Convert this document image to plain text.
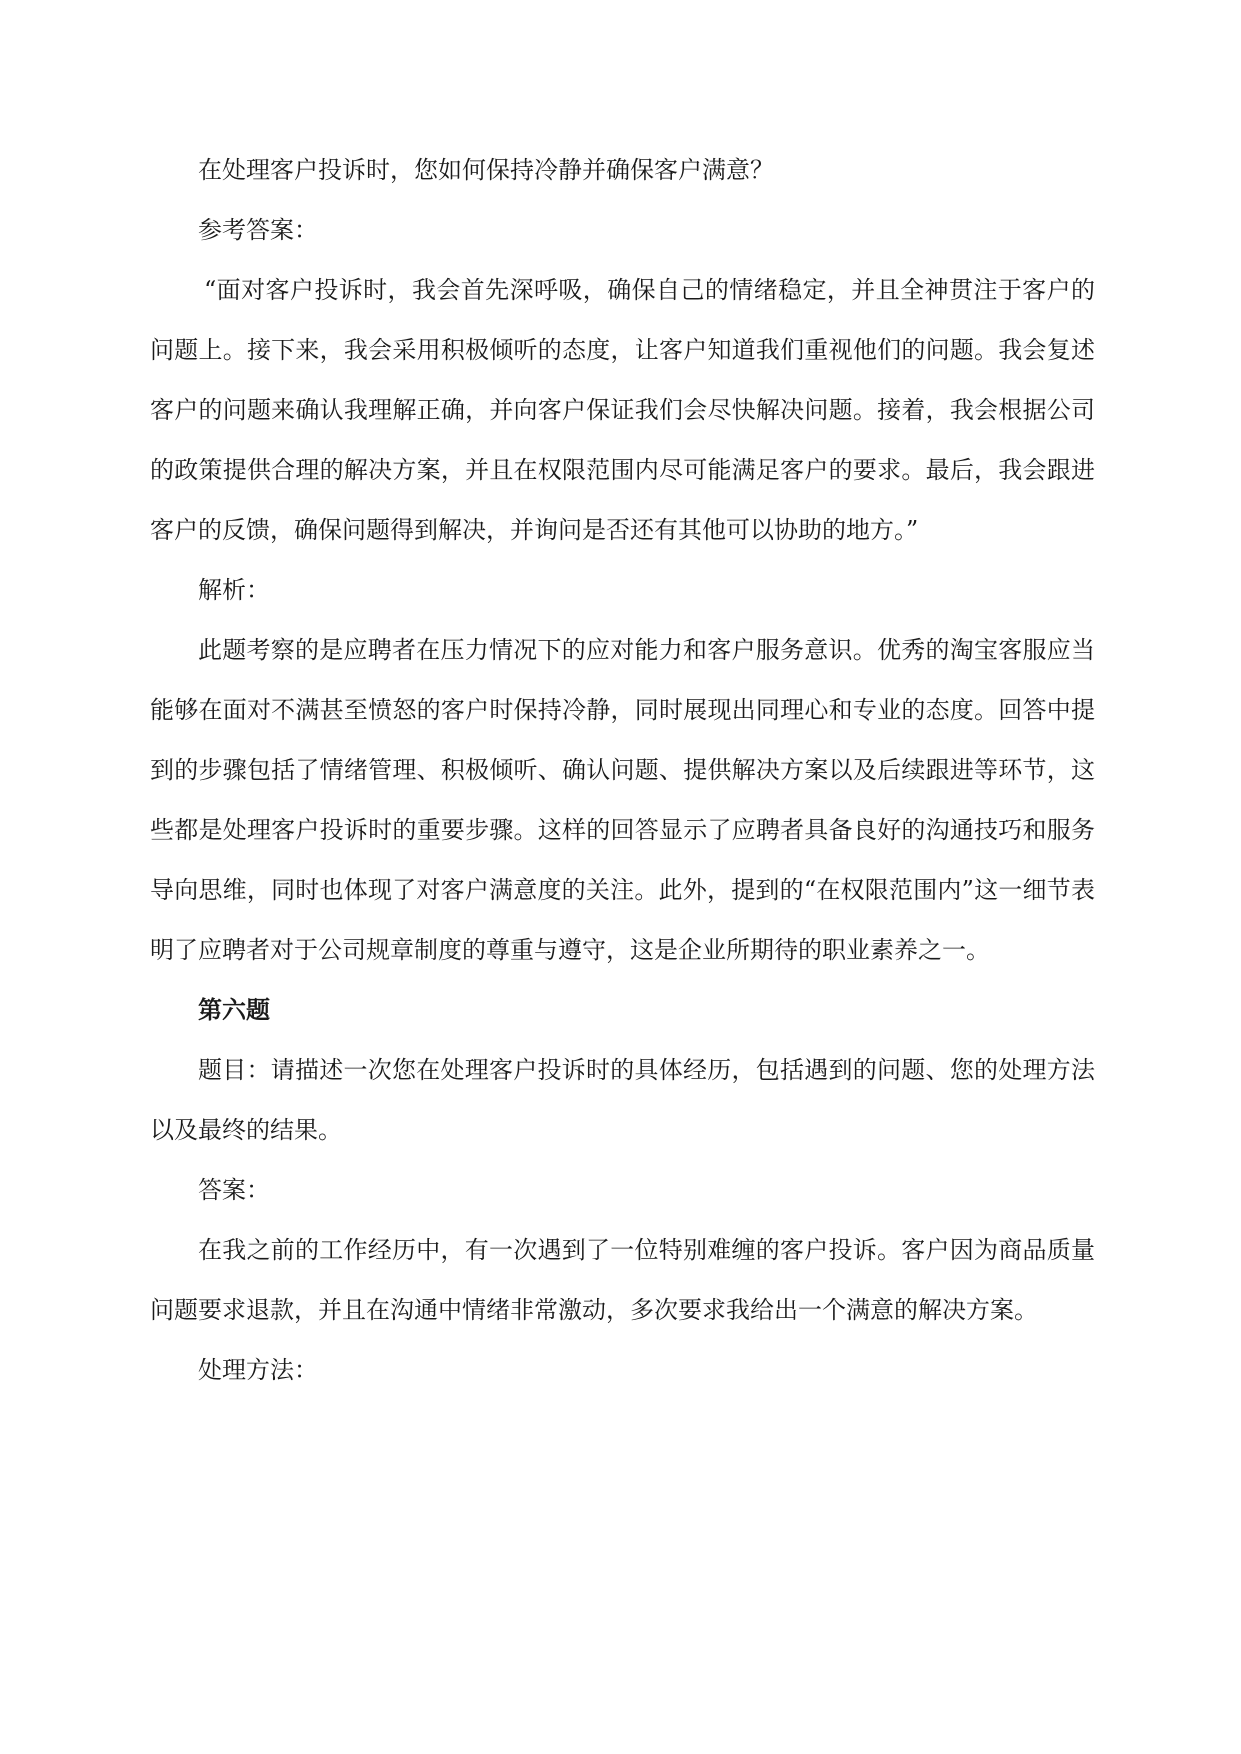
在处理客户投诉时，您如何保持冷静并确保客户满意？

参考答案：

“面对客户投诉时，我会首先深呼吸，确保自己的情绪稳定，并且全神贯注于客户的问题上。接下来，我会采用积极倾听的态度，让客户知道我们重视他们的问题。我会复述客户的问题来确认我理解正确，并向客户保证我们会尽快解决问题。接着，我会根据公司的政策提供合理的解决方案，并且在权限范围内尽可能满足客户的要求。最后，我会跟进客户的反馈，确保问题得到解决，并询问是否还有其他可以协助的地方。”

解析：

此题考察的是应聘者在压力情况下的应对能力和客户服务意识。优秀的淘宝客服应当能够在面对不满甚至愤怒的客户时保持冷静，同时展现出同理心和专业的态度。回答中提到的步骤包括了情绪管理、积极倾听、确认问题、提供解决方案以及后续跟进等环节，这些都是处理客户投诉时的重要步骤。这样的回答显示了应聘者具备良好的沟通技巧和服务导向思维，同时也体现了对客户满意度的关注。此外，提到的“在权限范围内”这一细节表明了应聘者对于公司规章制度的尊重与遵守，这是企业所期待的职业素养之一。

第六题

题目：请描述一次您在处理客户投诉时的具体经历，包括遇到的问题、您的处理方法以及最终的结果。

答案：

在我之前的工作经历中，有一次遇到了一位特别难缠的客户投诉。客户因为商品质量问题要求退款，并且在沟通中情绪非常激动，多次要求我给出一个满意的解决方案。

处理方法：
